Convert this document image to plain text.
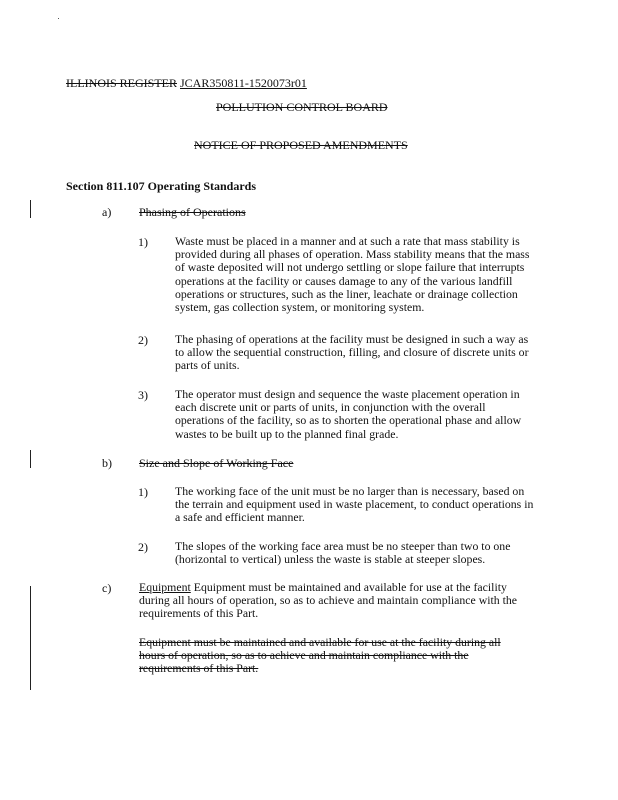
ILLINOIS REGISTER JCAR350811-1520073r01
POLLUTION CONTROL BOARD
NOTICE OF PROPOSED AMENDMENTS
Section 811.107 Operating Standards
a) Phasing of Operations
1) Waste must be placed in a manner and at such a rate that mass stability is provided during all phases of operation. Mass stability means that the mass of waste deposited will not undergo settling or slope failure that interrupts operations at the facility or causes damage to any of the various landfill operations or structures, such as the liner, leachate or drainage collection system, gas collection system, or monitoring system.
2) The phasing of operations at the facility must be designed in such a way as to allow the sequential construction, filling, and closure of discrete units or parts of units.
3) The operator must design and sequence the waste placement operation in each discrete unit or parts of units, in conjunction with the overall operations of the facility, so as to shorten the operational phase and allow wastes to be built up to the planned final grade.
b) Size and Slope of Working Face
1) The working face of the unit must be no larger than is necessary, based on the terrain and equipment used in waste placement, to conduct operations in a safe and efficient manner.
2) The slopes of the working face area must be no steeper than two to one (horizontal to vertical) unless the waste is stable at steeper slopes.
c) Equipment Equipment must be maintained and available for use at the facility during all hours of operation, so as to achieve and maintain compliance with the requirements of this Part.
Equipment must be maintained and available for use at the facility during all hours of operation, so as to achieve and maintain compliance with the requirements of this Part.
